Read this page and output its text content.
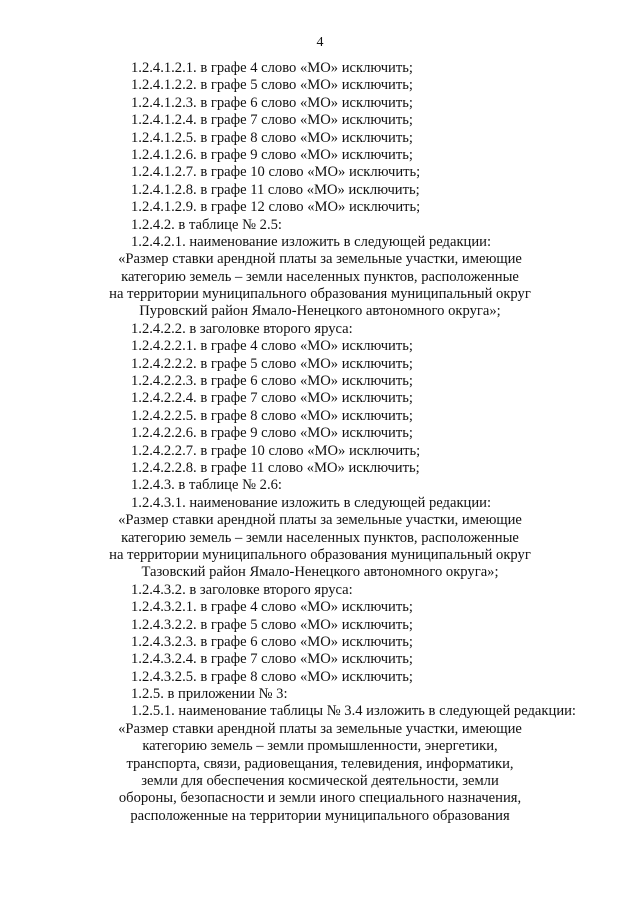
4
1.2.4.1.2.1. в графе 4 слово «МО» исключить;
1.2.4.1.2.2. в графе 5 слово «МО» исключить;
1.2.4.1.2.3. в графе 6 слово «МО» исключить;
1.2.4.1.2.4. в графе 7 слово «МО» исключить;
1.2.4.1.2.5. в графе 8 слово «МО» исключить;
1.2.4.1.2.6. в графе 9 слово «МО» исключить;
1.2.4.1.2.7. в графе 10 слово «МО» исключить;
1.2.4.1.2.8. в графе 11 слово «МО» исключить;
1.2.4.1.2.9. в графе 12 слово «МО» исключить;
1.2.4.2. в таблице № 2.5:
1.2.4.2.1. наименование изложить в следующей редакции:
«Размер ставки арендной платы за земельные участки, имеющие
категорию земель – земли населенных пунктов, расположенные
на территории муниципального образования муниципальный округ
Пуровский район Ямало-Ненецкого автономного округа»;
1.2.4.2.2. в заголовке второго яруса:
1.2.4.2.2.1. в графе 4 слово «МО» исключить;
1.2.4.2.2.2. в графе 5 слово «МО» исключить;
1.2.4.2.2.3. в графе 6 слово «МО» исключить;
1.2.4.2.2.4. в графе 7 слово «МО» исключить;
1.2.4.2.2.5. в графе 8 слово «МО» исключить;
1.2.4.2.2.6. в графе 9 слово «МО» исключить;
1.2.4.2.2.7. в графе 10 слово «МО» исключить;
1.2.4.2.2.8. в графе 11 слово «МО» исключить;
1.2.4.3. в таблице № 2.6:
1.2.4.3.1. наименование изложить в следующей редакции:
«Размер ставки арендной платы за земельные участки, имеющие
категорию земель – земли населенных пунктов, расположенные
на территории муниципального образования муниципальный округ
Тазовский район Ямало-Ненецкого автономного округа»;
1.2.4.3.2. в заголовке второго яруса:
1.2.4.3.2.1. в графе 4 слово «МО» исключить;
1.2.4.3.2.2. в графе 5 слово «МО» исключить;
1.2.4.3.2.3. в графе 6 слово «МО» исключить;
1.2.4.3.2.4. в графе 7 слово «МО» исключить;
1.2.4.3.2.5. в графе 8 слово «МО» исключить;
1.2.5. в приложении № 3:
1.2.5.1. наименование таблицы № 3.4 изложить в следующей редакции:
«Размер ставки арендной платы за земельные участки, имеющие
категорию земель – земли промышленности, энергетики,
транспорта, связи, радиовещания, телевидения, информатики,
земли для обеспечения космической деятельности, земли
обороны, безопасности и земли иного специального назначения,
расположенные на территории муниципального образования
